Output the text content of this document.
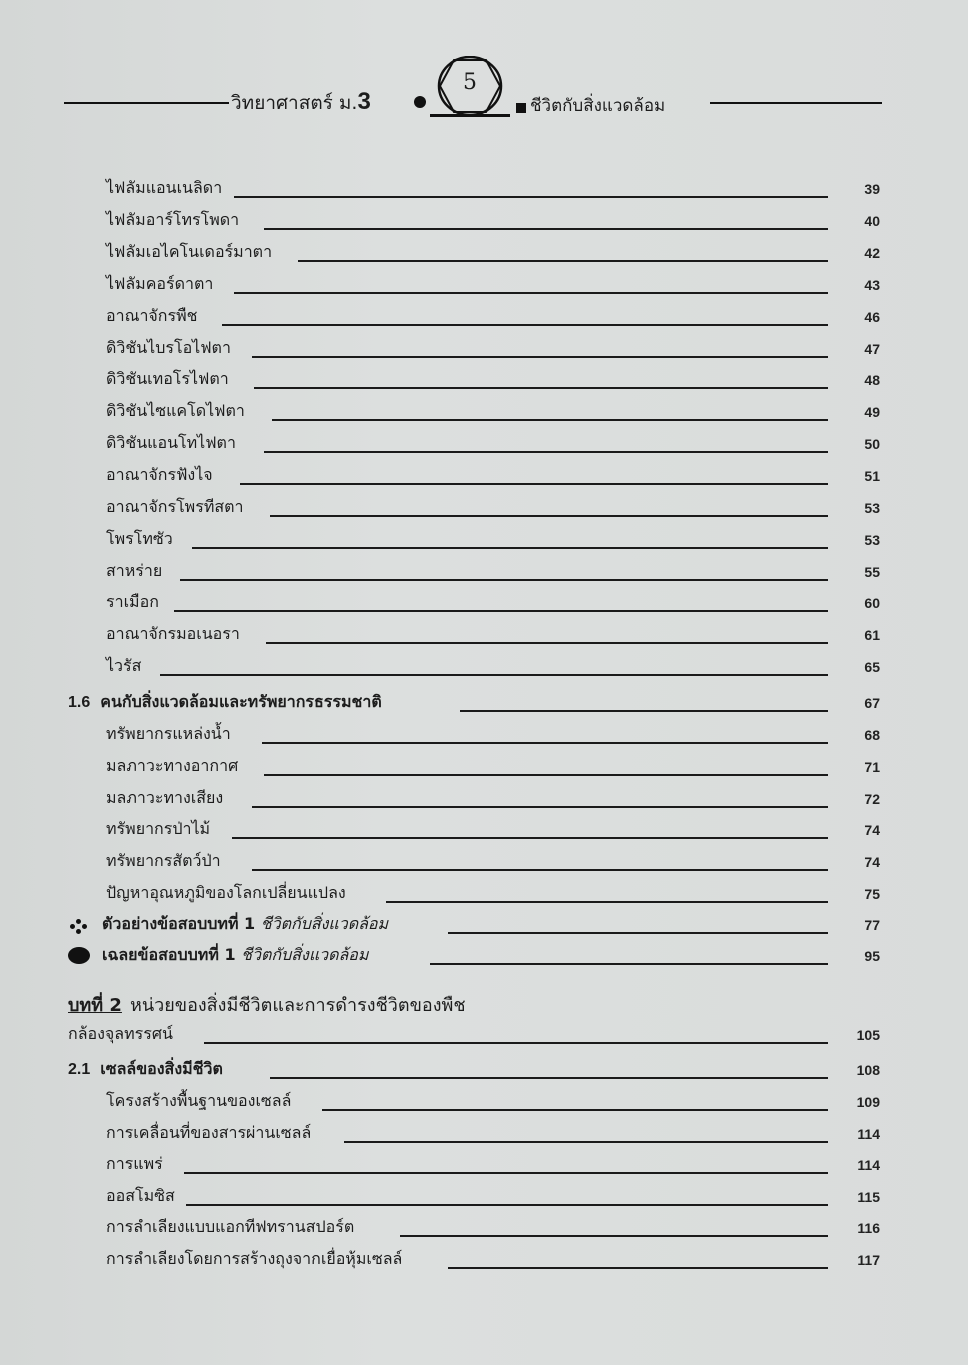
วิทยาศาสตร์ ม.3
5
ชีวิตกับสิ่งแวดล้อม
ไฟลัมแอนเนลิดา	39
ไฟลัมอาร์โทรโพดา	40
ไฟลัมเอไคโนเดอร์มาตา	42
ไฟลัมคอร์ดาตา	43
อาณาจักรพืช	46
ดิวิชันไบรโอไฟตา	47
ดิวิชันเทอโรไฟตา	48
ดิวิชันไซแคโดไฟตา	49
ดิวิชันแอนโทไฟตา	50
อาณาจักรฟังไจ	51
อาณาจักรโพรทีสตา	53
โพรโทซัว	53
สาหร่าย	55
ราเมือก	60
อาณาจักรมอเนอรา	61
ไวรัส	65
1.6 คนกับสิ่งแวดล้อมและทรัพยากรธรรมชาติ	67
ทรัพยากรแหล่งน้ำ	68
มลภาวะทางอากาศ	71
มลภาวะทางเสียง	72
ทรัพยากรป่าไม้	74
ทรัพยากรสัตว์ป่า	74
ปัญหาอุณหภูมิของโลกเปลี่ยนแปลง	75
ตัวอย่างข้อสอบบทที่ 1 ชีวิตกับสิ่งแวดล้อม	77
เฉลยข้อสอบบทที่ 1 ชีวิตกับสิ่งแวดล้อม	95
บทที่ 2 หน่วยของสิ่งมีชีวิตและการดำรงชีวิตของพืช
กล้องจุลทรรศน์	105
2.1 เซลล์ของสิ่งมีชีวิต	108
โครงสร้างพื้นฐานของเซลล์	109
การเคลื่อนที่ของสารผ่านเซลล์	114
การแพร่	114
ออสโมซิส	115
การลำเลียงแบบแอกทีฟทรานสปอร์ต	116
การลำเลียงโดยการสร้างถุงจากเยื่อหุ้มเซลล์	117
